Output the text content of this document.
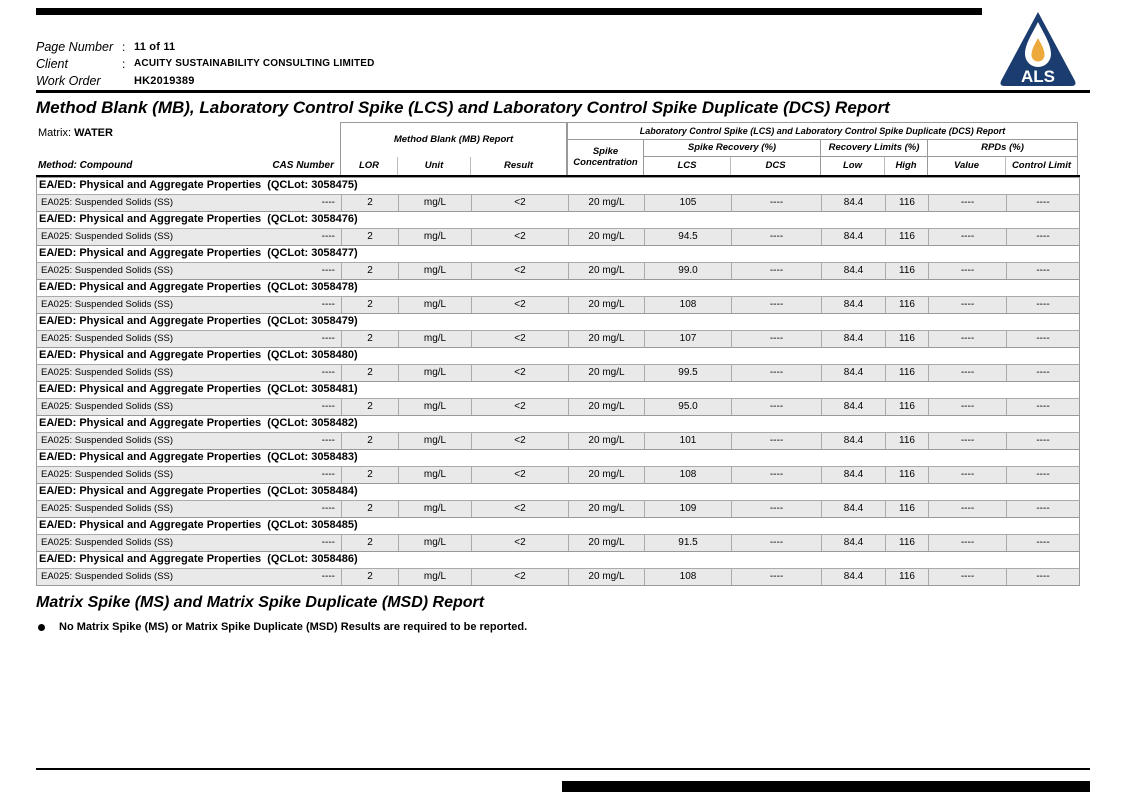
ALS
Page Number : 11 of 11
Client	: ACUITY SUSTAINABILITY CONSULTING LIMITED
Work Order	HK2019389
Method Blank (MB), Laboratory Control Spike (LCS) and Laboratory Control Spike Duplicate (DCS) Report
Matrix: WATER
Method Blank (MB) Report
Laboratory Control Spike (LCS) and Laboratory Control Spike Duplicate (DCS) Report
Spike
Concentration
Spike Recovery (%)	Recovery Limits (%)	RPDs (%)
Method: Compound	CAS Number	LOR	Unit	Result	LCS	DCS	Low	High	Value	Control Limit
EA/ED: Physical and Aggregate Properties  (QCLot: 3058475)
EA025: Suspended Solids (SS)	----	2	mg/L	<2	20 mg/L	105	----	84.4	116	----	----
EA/ED: Physical and Aggregate Properties  (QCLot: 3058476)
EA025: Suspended Solids (SS)	----	2	mg/L	<2	20 mg/L	94.5	----	84.4	116	----	----
EA/ED: Physical and Aggregate Properties  (QCLot: 3058477)
EA025: Suspended Solids (SS)	----	2	mg/L	<2	20 mg/L	99.0	----	84.4	116	----	----
EA/ED: Physical and Aggregate Properties  (QCLot: 3058478)
EA025: Suspended Solids (SS)	----	2	mg/L	<2	20 mg/L	108	----	84.4	116	----	----
EA/ED: Physical and Aggregate Properties  (QCLot: 3058479)
EA025: Suspended Solids (SS)	----	2	mg/L	<2	20 mg/L	107	----	84.4	116	----	----
EA/ED: Physical and Aggregate Properties  (QCLot: 3058480)
EA025: Suspended Solids (SS)	----	2	mg/L	<2	20 mg/L	99.5	----	84.4	116	----	----
EA/ED: Physical and Aggregate Properties  (QCLot: 3058481)
EA025: Suspended Solids (SS)	----	2	mg/L	<2	20 mg/L	95.0	----	84.4	116	----	----
EA/ED: Physical and Aggregate Properties  (QCLot: 3058482)
EA025: Suspended Solids (SS)	----	2	mg/L	<2	20 mg/L	101	----	84.4	116	----	----
EA/ED: Physical and Aggregate Properties  (QCLot: 3058483)
EA025: Suspended Solids (SS)	----	2	mg/L	<2	20 mg/L	108	----	84.4	116	----	----
EA/ED: Physical and Aggregate Properties  (QCLot: 3058484)
EA025: Suspended Solids (SS)	----	2	mg/L	<2	20 mg/L	109	----	84.4	116	----	----
EA/ED: Physical and Aggregate Properties  (QCLot: 3058485)
EA025: Suspended Solids (SS)	----	2	mg/L	<2	20 mg/L	91.5	----	84.4	116	----	----
EA/ED: Physical and Aggregate Properties  (QCLot: 3058486)
EA025: Suspended Solids (SS)	----	2	mg/L	<2	20 mg/L	108	----	84.4	116	----	----
Matrix Spike (MS) and Matrix Spike Duplicate (MSD) Report
No Matrix Spike (MS) or Matrix Spike Duplicate (MSD) Results are required to be reported.
